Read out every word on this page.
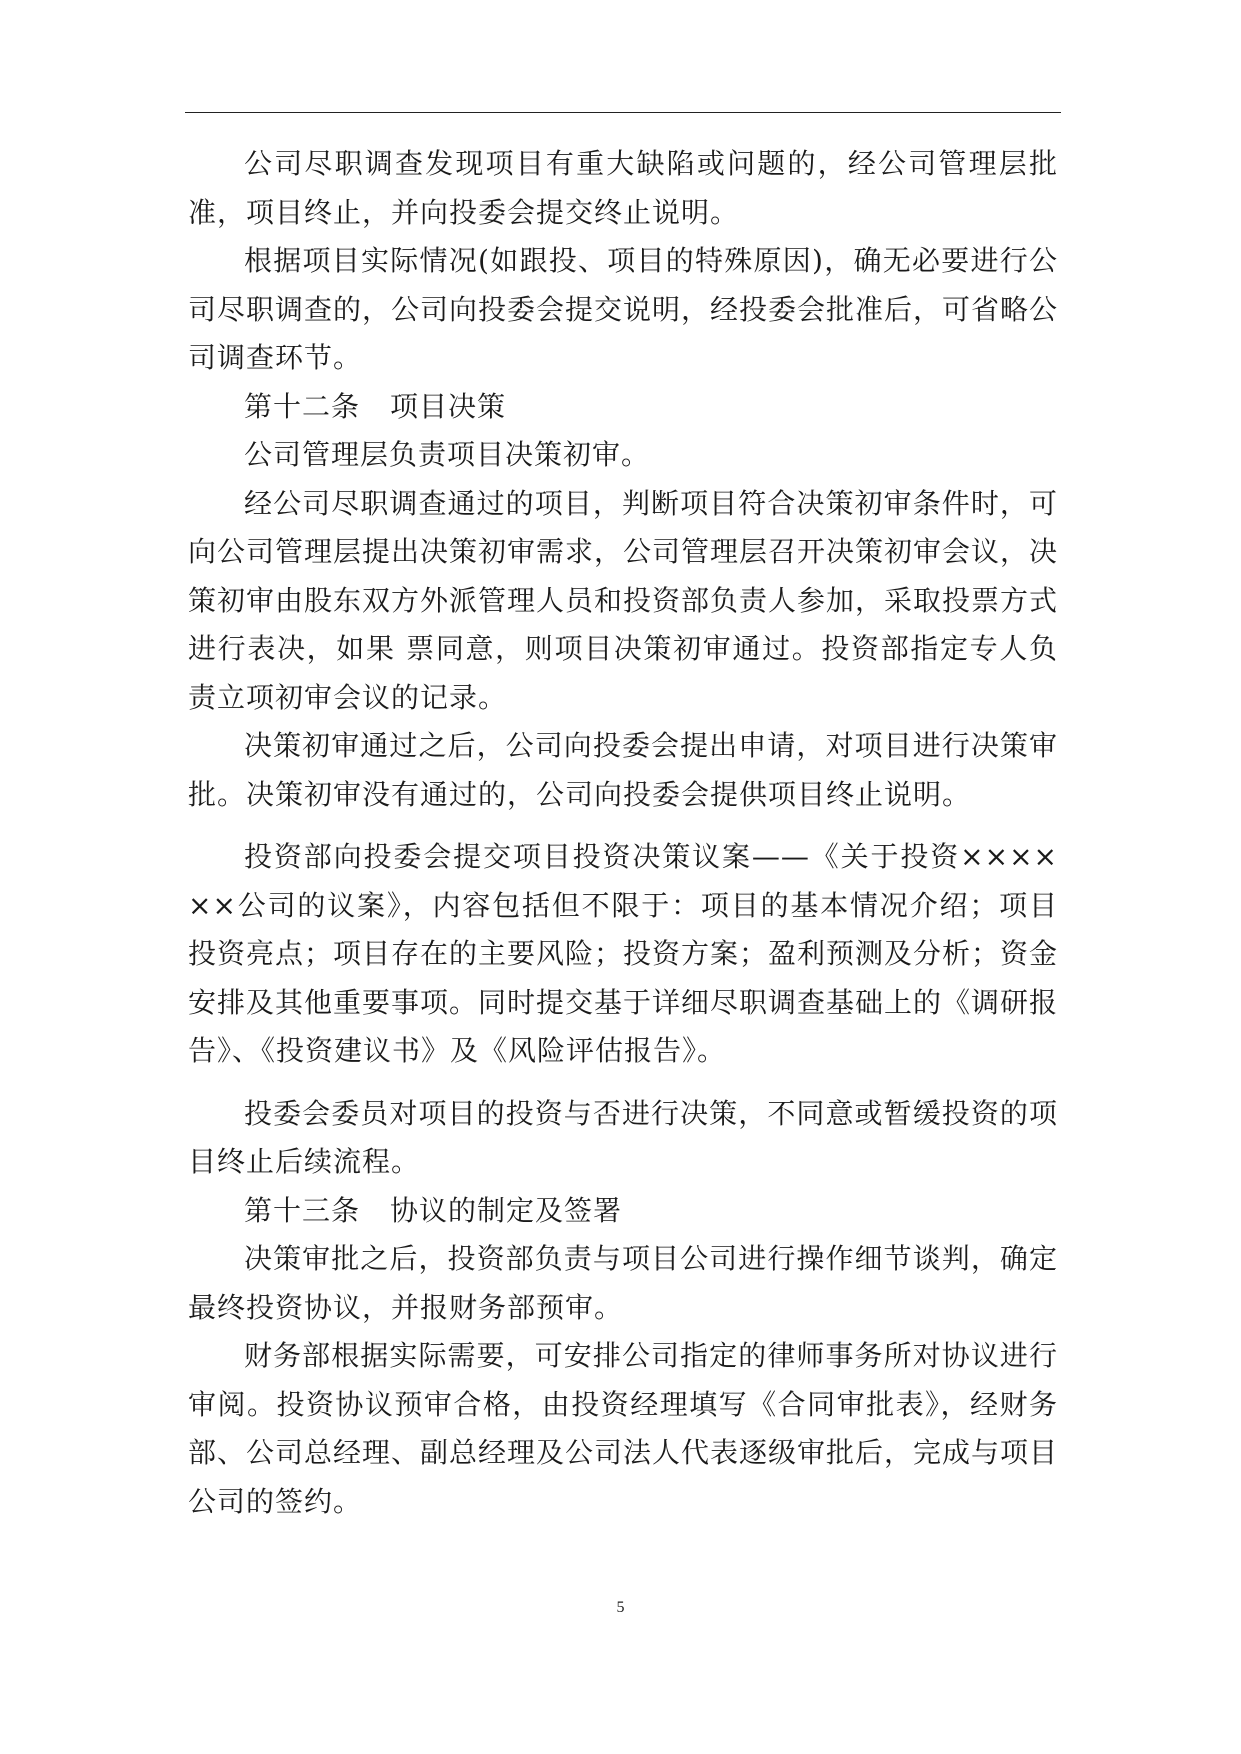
公司尽职调查发现项目有重大缺陷或问题的，经公司管理层批准，项目终止，并向投委会提交终止说明。

根据项目实际情况(如跟投、项目的特殊原因)，确无必要进行公司尽职调查的，公司向投委会提交说明，经投委会批准后，可省略公司调查环节。

第十二条 项目决策

公司管理层负责项目决策初审。

经公司尽职调查通过的项目，判断项目符合决策初审条件时，可向公司管理层提出决策初审需求，公司管理层召开决策初审会议，决策初审由股东双方外派管理人员和投资部负责人参加，采取投票方式进行表决，如果 票同意，则项目决策初审通过。投资部指定专人负责立项初审会议的记录。

决策初审通过之后，公司向投委会提出申请，对项目进行决策审批。决策初审没有通过的，公司向投委会提供项目终止说明。

投资部向投委会提交项目投资决策议案——《关于投资××××××公司的议案》，内容包括但不限于：项目的基本情况介绍；项目投资亮点；项目存在的主要风险；投资方案；盈利预测及分析；资金安排及其他重要事项。同时提交基于详细尽职调查基础上的《调研报告》、《投资建议书》及《风险评估报告》。

投委会委员对项目的投资与否进行决策，不同意或暂缓投资的项目终止后续流程。

第十三条 协议的制定及签署

决策审批之后，投资部负责与项目公司进行操作细节谈判，确定最终投资协议，并报财务部预审。

财务部根据实际需要，可安排公司指定的律师事务所对协议进行审阅。投资协议预审合格，由投资经理填写《合同审批表》，经财务部、公司总经理、副总经理及公司法人代表逐级审批后，完成与项目公司的签约。

5
